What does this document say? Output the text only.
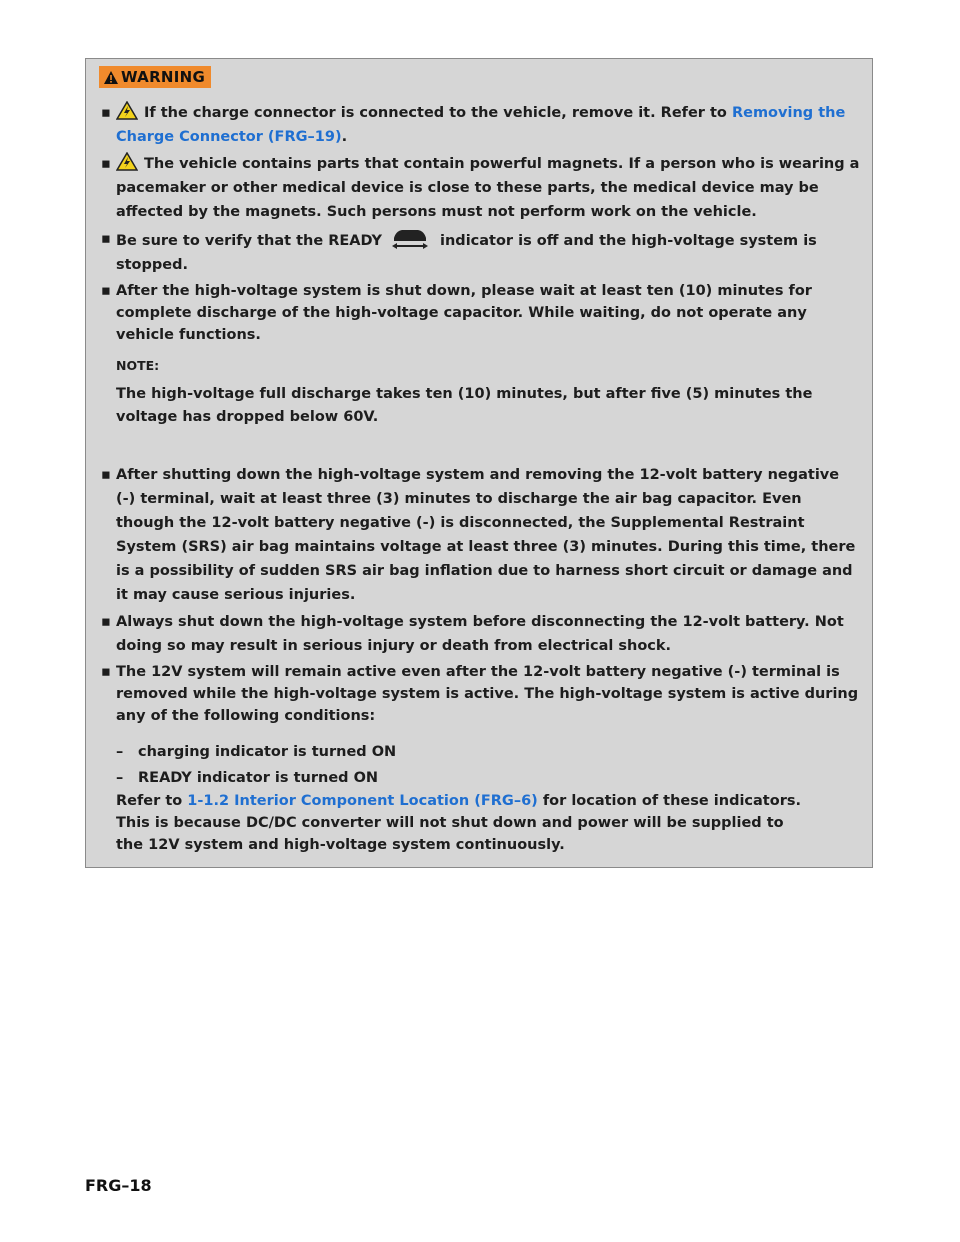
WARNING
▪ If the charge connector is connected to the vehicle, remove it. Refer to Removing the Charge Connector (FRG–19).
▪ The vehicle contains parts that contain powerful magnets. If a person who is wearing a pacemaker or other medical device is close to these parts, the medical device may be affected by the magnets. Such persons must not perform work on the vehicle.
▪ Be sure to verify that the READY	indicator is off and the high-voltage system is stopped.
▪ After the high-voltage system is shut down, please wait at least ten (10) minutes for complete discharge of the high-voltage capacitor. While waiting, do not operate any vehicle functions.
NOTE:
The high-voltage full discharge takes ten (10) minutes, but after five (5) minutes the voltage has dropped below 60V.
▪ After shutting down the high-voltage system and removing the 12-volt battery negative (-) terminal, wait at least three (3) minutes to discharge the air bag capacitor. Even though the 12-volt battery negative (-) is disconnected, the Supplemental Restraint System (SRS) air bag maintains voltage at least three (3) minutes. During this time, there is a possibility of sudden SRS air bag inflation due to harness short circuit or damage and it may cause serious injuries.
▪ Always shut down the high-voltage system before disconnecting the 12-volt battery. Not doing so may result in serious injury or death from electrical shock.
▪ The 12V system will remain active even after the 12-volt battery negative (-) terminal is removed while the high-voltage system is active. The high-voltage system is active during any of the following conditions:
– charging indicator is turned ON
– READY indicator is turned ON
Refer to 1-1.2 Interior Component Location (FRG–6) for location of these indicators.
This is because DC/DC converter will not shut down and power will be supplied to
the 12V system and high-voltage system continuously.
FRG–18
